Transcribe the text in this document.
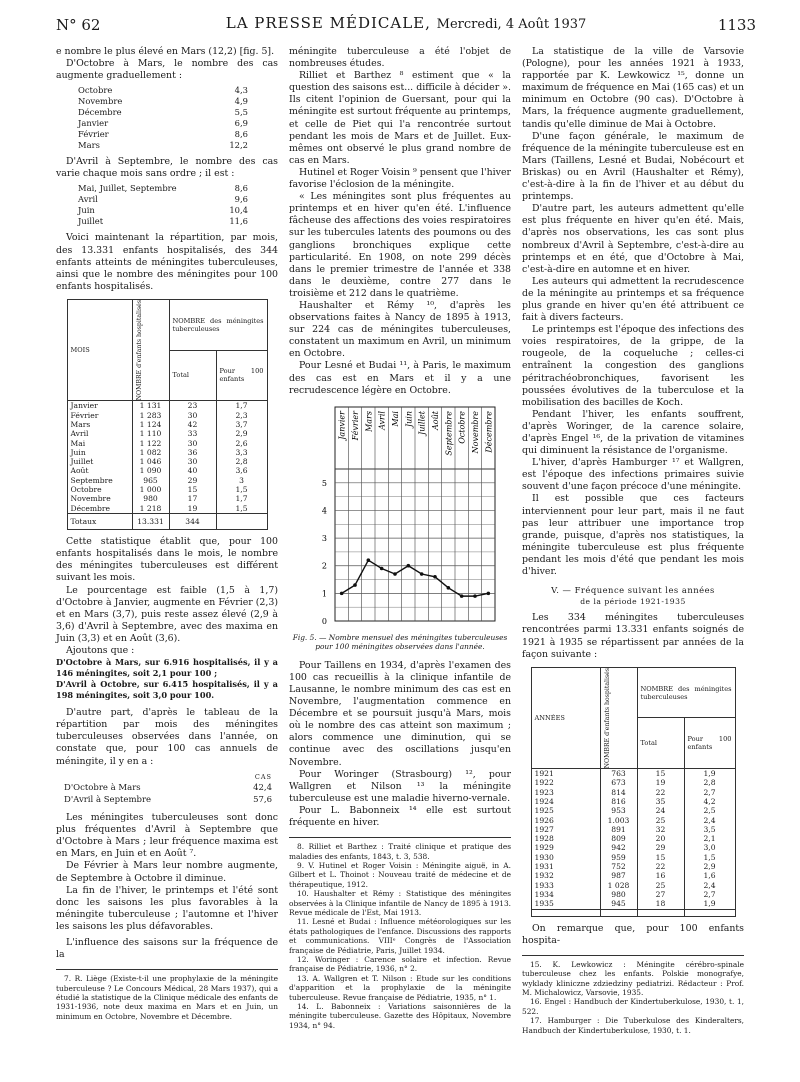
N° 62	LA PRESSE MÉDICALE, Mercredi, 4 Août 1937	1133

e nombre le plus élevé en Mars (12,2) [fig. 5].

D'Octobre à Mars, le nombre des cas augmente graduellement :

Octobre	4,3
Novembre	4,9
Décembre	5,5
Janvier	6,9
Février	8,6
Mars	12,2

D'Avril à Septembre, le nombre des cas varie chaque mois sans ordre ; il est :

Mai, Juillet, Septembre	8,6
Avril	9,6
Juin	10,4
Juillet	11,6

Voici maintenant la répartition, par mois, des 13.331 enfants hospitalisés, des 344 enfants atteints de méningites tuberculeuses, ainsi que le nombre des méningites pour 100 enfants hospitalisés.

MOIS	NOMBRE d'enfants hospitalisés	NOMBRE des méningites tuberculeuses	
		Total	Pour 100 enfants
Janvier	1 131	23	1,7
Février	1 283	30	2,3
Mars	1 124	42	3,7
Avril	1 110	33	2,9
Mai	1 122	30	2,6
Juin	1 082	36	3,3
Juillet	1 046	30	2,8
Août	1 090	40	3,6
Septembre	965	29	3
Octobre	1 000	15	1,5
Novembre	980	17	1,7
Décembre	1 218	19	1,5
Totaux	13.331	344	

Cette statistique établit que, pour 100 enfants hospitalisés dans le mois, le nombre des méningites tuberculeuses est différent suivant les mois.

Le pourcentage est faible (1,5 à 1,7) d'Octobre à Janvier, augmente en Février (2,3) et en Mars (3,7), puis reste assez élevé (2,9 à 3,6) d'Avril à Septembre, avec des maxima en Juin (3,3) et en Août (3,6).

Ajoutons que :

D'Octobre à Mars, sur 6.916 hospitalisés, il y a 146 méningites, soit 2,1 pour 100 ;

D'Avril à Octobre, sur 6.415 hospitalisés, il y a 198 méningites, soit 3,0 pour 100.

D'autre part, d'après le tableau de la répartition par mois des méningites tuberculeuses observées dans l'année, on constate que, pour 100 cas annuels de méningite, il y en a :

CAS
D'Octobre à Mars	42,4
D'Avril à Septembre	57,6

Les méningites tuberculeuses sont donc plus fréquentes d'Avril à Septembre que d'Octobre à Mars ; leur fréquence maxima est en Mars, en Juin et en Août ⁷.

De Février à Mars leur nombre augmente, de Septembre à Octobre il diminue.

La fin de l'hiver, le printemps et l'été sont donc les saisons les plus favorables à la méningite tuberculeuse ; l'automne et l'hiver les saisons les plus défavorables.

L'influence des saisons sur la fréquence de la

7. R. Liège (Existe-t-il une prophylaxie de la méningite tuberculeuse ? Le Concours Médical, 28 Mars 1937), qui a étudié la statistique de la Clinique médicale des enfants de 1931-1936, note deux maxima en Mars et en Juin, un minimum en Octobre, Novembre et Décembre.

méningite tuberculeuse a été l'objet de nombreuses études.

Rilliet et Barthez ⁸ estiment que « la question des saisons est... difficile à décider ». Ils citent l'opinion de Guersant, pour qui la méningite est surtout fréquente au printemps, et celle de Piet qui l'a rencontrée surtout pendant les mois de Mars et de Juillet. Eux-mêmes ont observé le plus grand nombre de cas en Mars.

Hutinel et Roger Voisin ⁹ pensent que l'hiver favorise l'éclosion de la méningite.

« Les méningites sont plus fréquentes au printemps et en hiver qu'en été. L'influence fâcheuse des affections des voies respiratoires sur les tubercules latents des poumons ou des ganglions bronchiques explique cette particularité. En 1908, on note 299 décès dans le premier trimestre de l'année et 338 dans le deuxième, contre 277 dans le troisième et 212 dans le quatrième.

Haushalter et Rémy ¹⁰, d'après les observations faites à Nancy de 1895 à 1913, sur 224 cas de méningites tuberculeuses, constatent un maximum en Avril, un minimum en Octobre.

Pour Lesné et Budai ¹¹, à Paris, le maximum des cas est en Mars et il y a une recrudescence légère en Octobre.

Janvier Février Mars Avril Mai Juin Juillet Août Septembre Octobre Novembre Décembre
0
1
2
3
4
5
Fig. 5. — Nombre mensuel des méningites tuberculeuses pour 100 méningites observées dans l'année.

Pour Taillens en 1934, d'après l'examen des 100 cas recueillis à la clinique infantile de Lausanne, le nombre minimum des cas est en Novembre, l'augmentation commence en Décembre et se poursuit jusqu'à Mars, mois où le nombre des cas atteint son maximum ; alors commence une diminution, qui se continue avec des oscillations jusqu'en Novembre.

Pour Woringer (Strasbourg) ¹², pour Wallgren et Nilson ¹³ la méningite tuberculeuse est une maladie hiverno-vernale.

Pour L. Babonneix ¹⁴ elle est surtout fréquente en hiver.

8. Rilliet et Barthez : Traité clinique et pratique des maladies des enfants, 1843, t. 3, 538.

9. V. Hutinel et Roger Voisin : Méningite aiguë, in A. Gilbert et L. Thoinot : Nouveau traité de médecine et de thérapeutique, 1912.

10. Haushalter et Rémy : Statistique des méningites observées à la Clinique infantile de Nancy de 1895 à 1913. Revue médicale de l'Est, Mai 1913.

11. Lesné et Budai : Influence météorologiques sur les états pathologiques de l'enfance. Discussions des rapports et communications. VIIIᵉ Congrès de l'Association française de Pédiatrie, Paris, Juillet 1934.

12. Woringer : Carence solaire et infection. Revue française de Pédiatrie, 1936, n° 2.

13. A. Wallgren et T. Nilson : Etude sur les conditions d'apparition et la prophylaxie de la méningite tuberculeuse. Revue française de Pédiatrie, 1935, n° 1.

14. L. Babonneix : Variations saisonnières de la méningite tuberculeuse. Gazette des Hôpitaux, Novembre 1934, n° 94.

La statistique de la ville de Varsovie (Pologne), pour les années 1921 à 1933, rapportée par K. Lewkowicz ¹⁵, donne un maximum de fréquence en Mai (165 cas) et un minimum en Octobre (90 cas). D'Octobre à Mars, la fréquence augmente graduellement, tandis qu'elle diminue de Mai à Octobre.

D'une façon générale, le maximum de fréquence de la méningite tuberculeuse est en Mars (Taillens, Lesné et Budai, Nobécourt et Briskas) ou en Avril (Haushalter et Rémy), c'est-à-dire à la fin de l'hiver et au début du printemps.

D'autre part, les auteurs admettent qu'elle est plus fréquente en hiver qu'en été. Mais, d'après nos observations, les cas sont plus nombreux d'Avril à Septembre, c'est-à-dire au printemps et en été, que d'Octobre à Mai, c'est-à-dire en automne et en hiver.

Les auteurs qui admettent la recrudescence de la méningite au printemps et sa fréquence plus grande en hiver qu'en été attribuent ce fait à divers facteurs.

Le printemps est l'époque des infections des voies respiratoires, de la grippe, de la rougeole, de la coqueluche ; celles-ci entraînent la congestion des ganglions péritrachéobronchiques, favorisent les poussées évolutives de la tuberculose et la mobilisation des bacilles de Koch.

Pendant l'hiver, les enfants souffrent, d'après Woringer, de la carence solaire, d'après Engel ¹⁶, de la privation de vitamines qui diminuent la résistance de l'organisme.

L'hiver, d'après Hamburger ¹⁷ et Wallgren, est l'époque des infections primaires suivie souvent d'une façon précoce d'une méningite.

Il est possible que ces facteurs interviennent pour leur part, mais il ne faut pas leur attribuer une importance trop grande, puisque, d'après nos statistiques, la méningite tuberculeuse est plus fréquente pendant les mois d'été que pendant les mois d'hiver.

V. — Fréquence suivant les années
de la période 1921-1935

Les 334 méningites tuberculeuses rencontrées parmi 13.331 enfants soignés de 1921 à 1935 se répartissent par années de la façon suivante :

ANNÉES	NOMBRE d'enfants hospitalisés	NOMBRE des méningites tuberculeuses	
		Total	Pour 100 enfants
1921	763	15	1,9
1922	673	19	2,8
1923	814	22	2,7
1924	816	35	4,2
1925	953	24	2,5
1926	1.003	25	2,4
1927	891	32	3,5
1928	809	20	2,1
1929	942	29	3,0
1930	959	15	1,5
1931	752	22	2,9
1932	987	16	1,6
1933	1 028	25	2,4
1934	980	27	2,7
1935	945	18	1,9

On remarque que, pour 100 enfants hospita-

15. K. Lewkowicz : Méningite cérébro-spinale tuberculeuse chez les enfants. Polskie monografye, wyklady kliniczne zdziedziny pediatrizi. Rédacteur : Prof. M. Michalowicz, Varsovie, 1935.

16. Engel : Handbuch der Kindertuberkulose, 1930, t. 1, 522.

17. Hamburger : Die Tuberkulose des Kinderalters, Handbuch der Kindertuberkulose, 1930, t. 1.
